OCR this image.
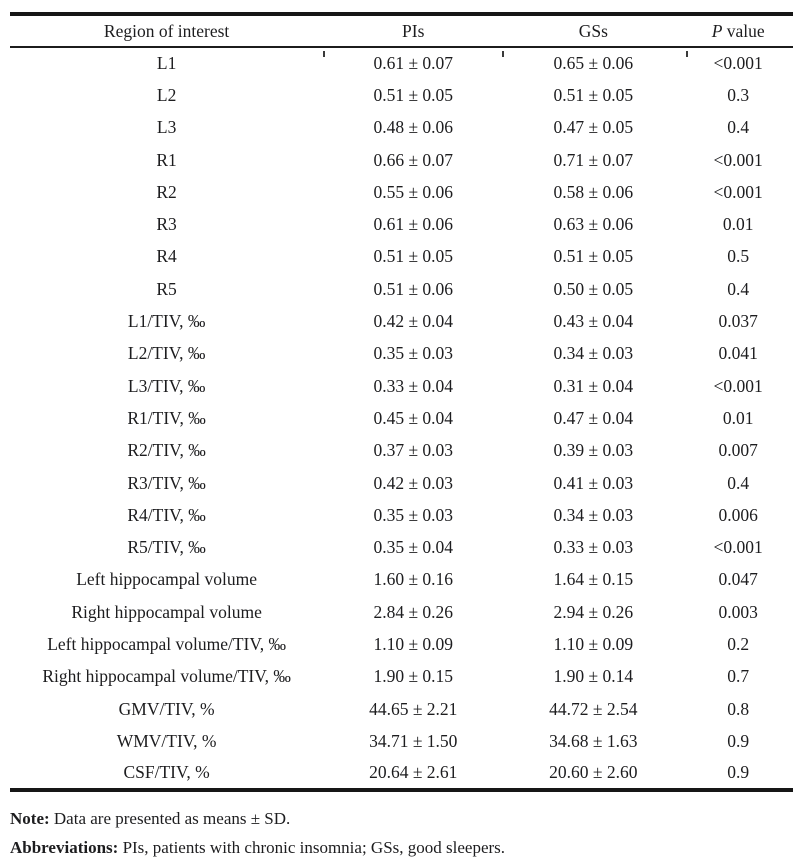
Region of interest	PIs	GSs	P value
L1	0.61 ± 0.07	0.65 ± 0.06	<0.001
L2	0.51 ± 0.05	0.51 ± 0.05	0.3
L3	0.48 ± 0.06	0.47 ± 0.05	0.4
R1	0.66 ± 0.07	0.71 ± 0.07	<0.001
R2	0.55 ± 0.06	0.58 ± 0.06	<0.001
R3	0.61 ± 0.06	0.63 ± 0.06	0.01
R4	0.51 ± 0.05	0.51 ± 0.05	0.5
R5	0.51 ± 0.06	0.50 ± 0.05	0.4
L1/TIV, ‰	0.42 ± 0.04	0.43 ± 0.04	0.037
L2/TIV, ‰	0.35 ± 0.03	0.34 ± 0.03	0.041
L3/TIV, ‰	0.33 ± 0.04	0.31 ± 0.04	<0.001
R1/TIV, ‰	0.45 ± 0.04	0.47 ± 0.04	0.01
R2/TIV, ‰	0.37 ± 0.03	0.39 ± 0.03	0.007
R3/TIV, ‰	0.42 ± 0.03	0.41 ± 0.03	0.4
R4/TIV, ‰	0.35 ± 0.03	0.34 ± 0.03	0.006
R5/TIV, ‰	0.35 ± 0.04	0.33 ± 0.03	<0.001
Left hippocampal volume	1.60 ± 0.16	1.64 ± 0.15	0.047
Right hippocampal volume	2.84 ± 0.26	2.94 ± 0.26	0.003
Left hippocampal volume/TIV, ‰	1.10 ± 0.09	1.10 ± 0.09	0.2
Right hippocampal volume/TIV, ‰	1.90 ± 0.15	1.90 ± 0.14	0.7
GMV/TIV, %	44.65 ± 2.21	44.72 ± 2.54	0.8
WMV/TIV, %	34.71 ± 1.50	34.68 ± 1.63	0.9
CSF/TIV, %	20.64 ± 2.61	20.60 ± 2.60	0.9
Note: Data are presented as means ± SD.
Abbreviations: PIs, patients with chronic insomnia; GSs, good sleepers.
